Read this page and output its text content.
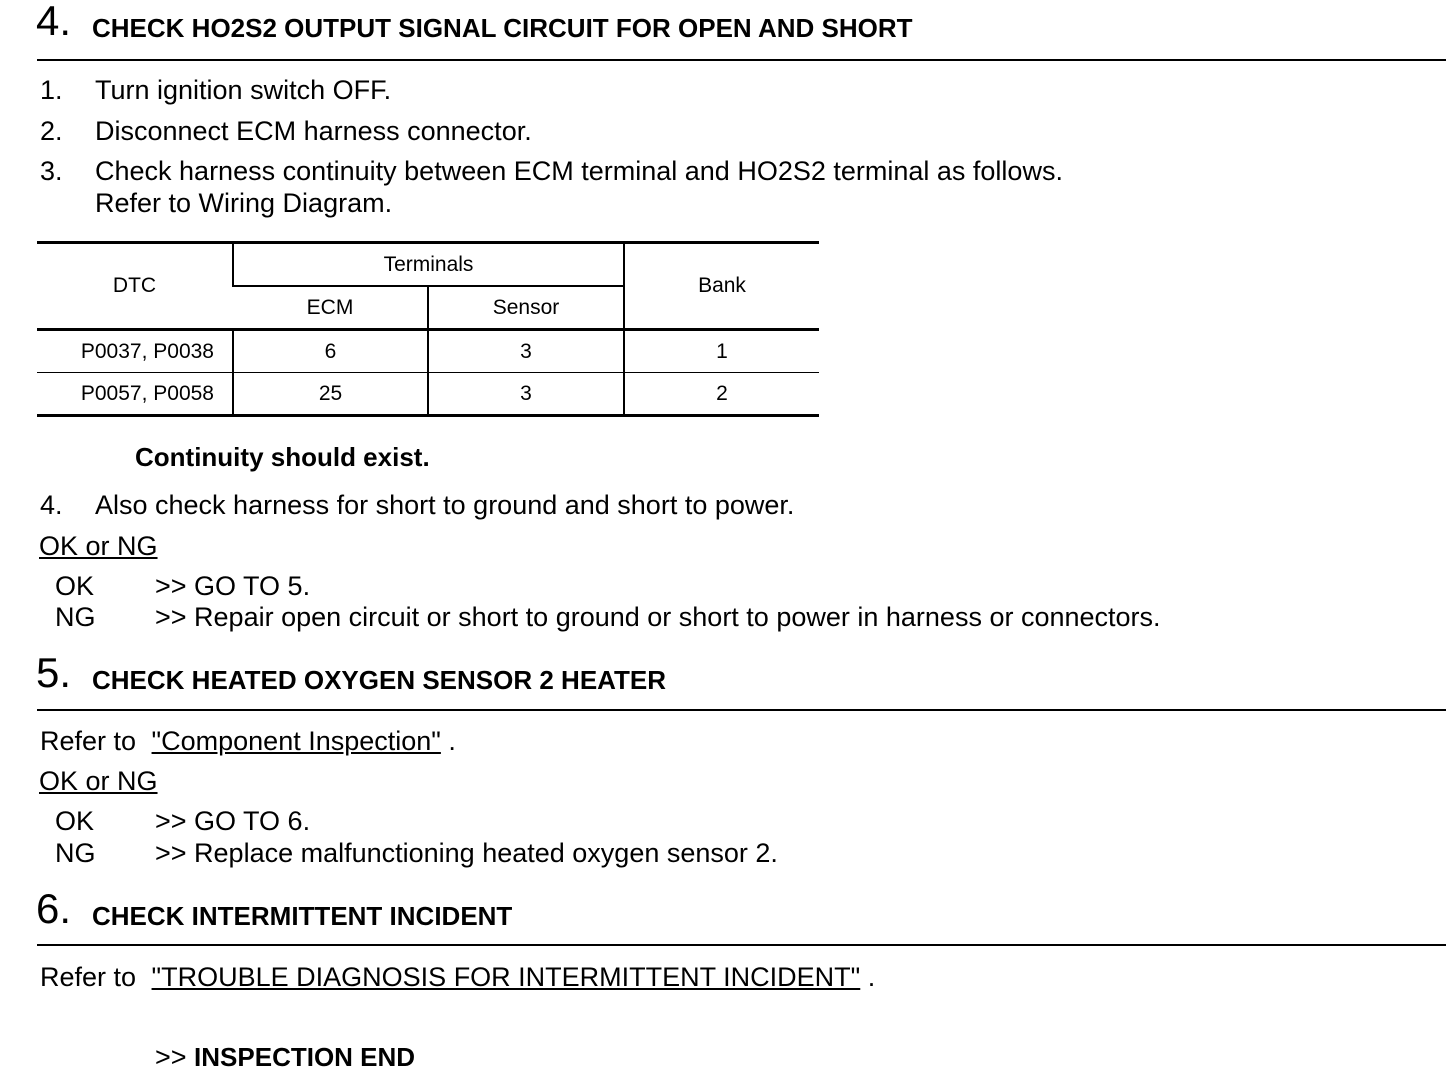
4. CHECK HO2S2 OUTPUT SIGNAL CIRCUIT FOR OPEN AND SHORT
1. Turn ignition switch OFF.
2. Disconnect ECM harness connector.
3. Check harness continuity between ECM terminal and HO2S2 terminal as follows.
Refer to Wiring Diagram.
DTC	Terminals		Bank
	ECM	Sensor	
P0037, P0038	6	3	1
P0057, P0058	25	3	2
Continuity should exist.
4. Also check harness for short to ground and short to power.
OK or NG
OK >> GO TO 5.
NG >> Repair open circuit or short to ground or short to power in harness or connectors.
5. CHECK HEATED OXYGEN SENSOR 2 HEATER
Refer to "Component Inspection" .
OK or NG
OK >> GO TO 6.
NG >> Replace malfunctioning heated oxygen sensor 2.
6. CHECK INTERMITTENT INCIDENT
Refer to "TROUBLE DIAGNOSIS FOR INTERMITTENT INCIDENT" .
>> INSPECTION END
